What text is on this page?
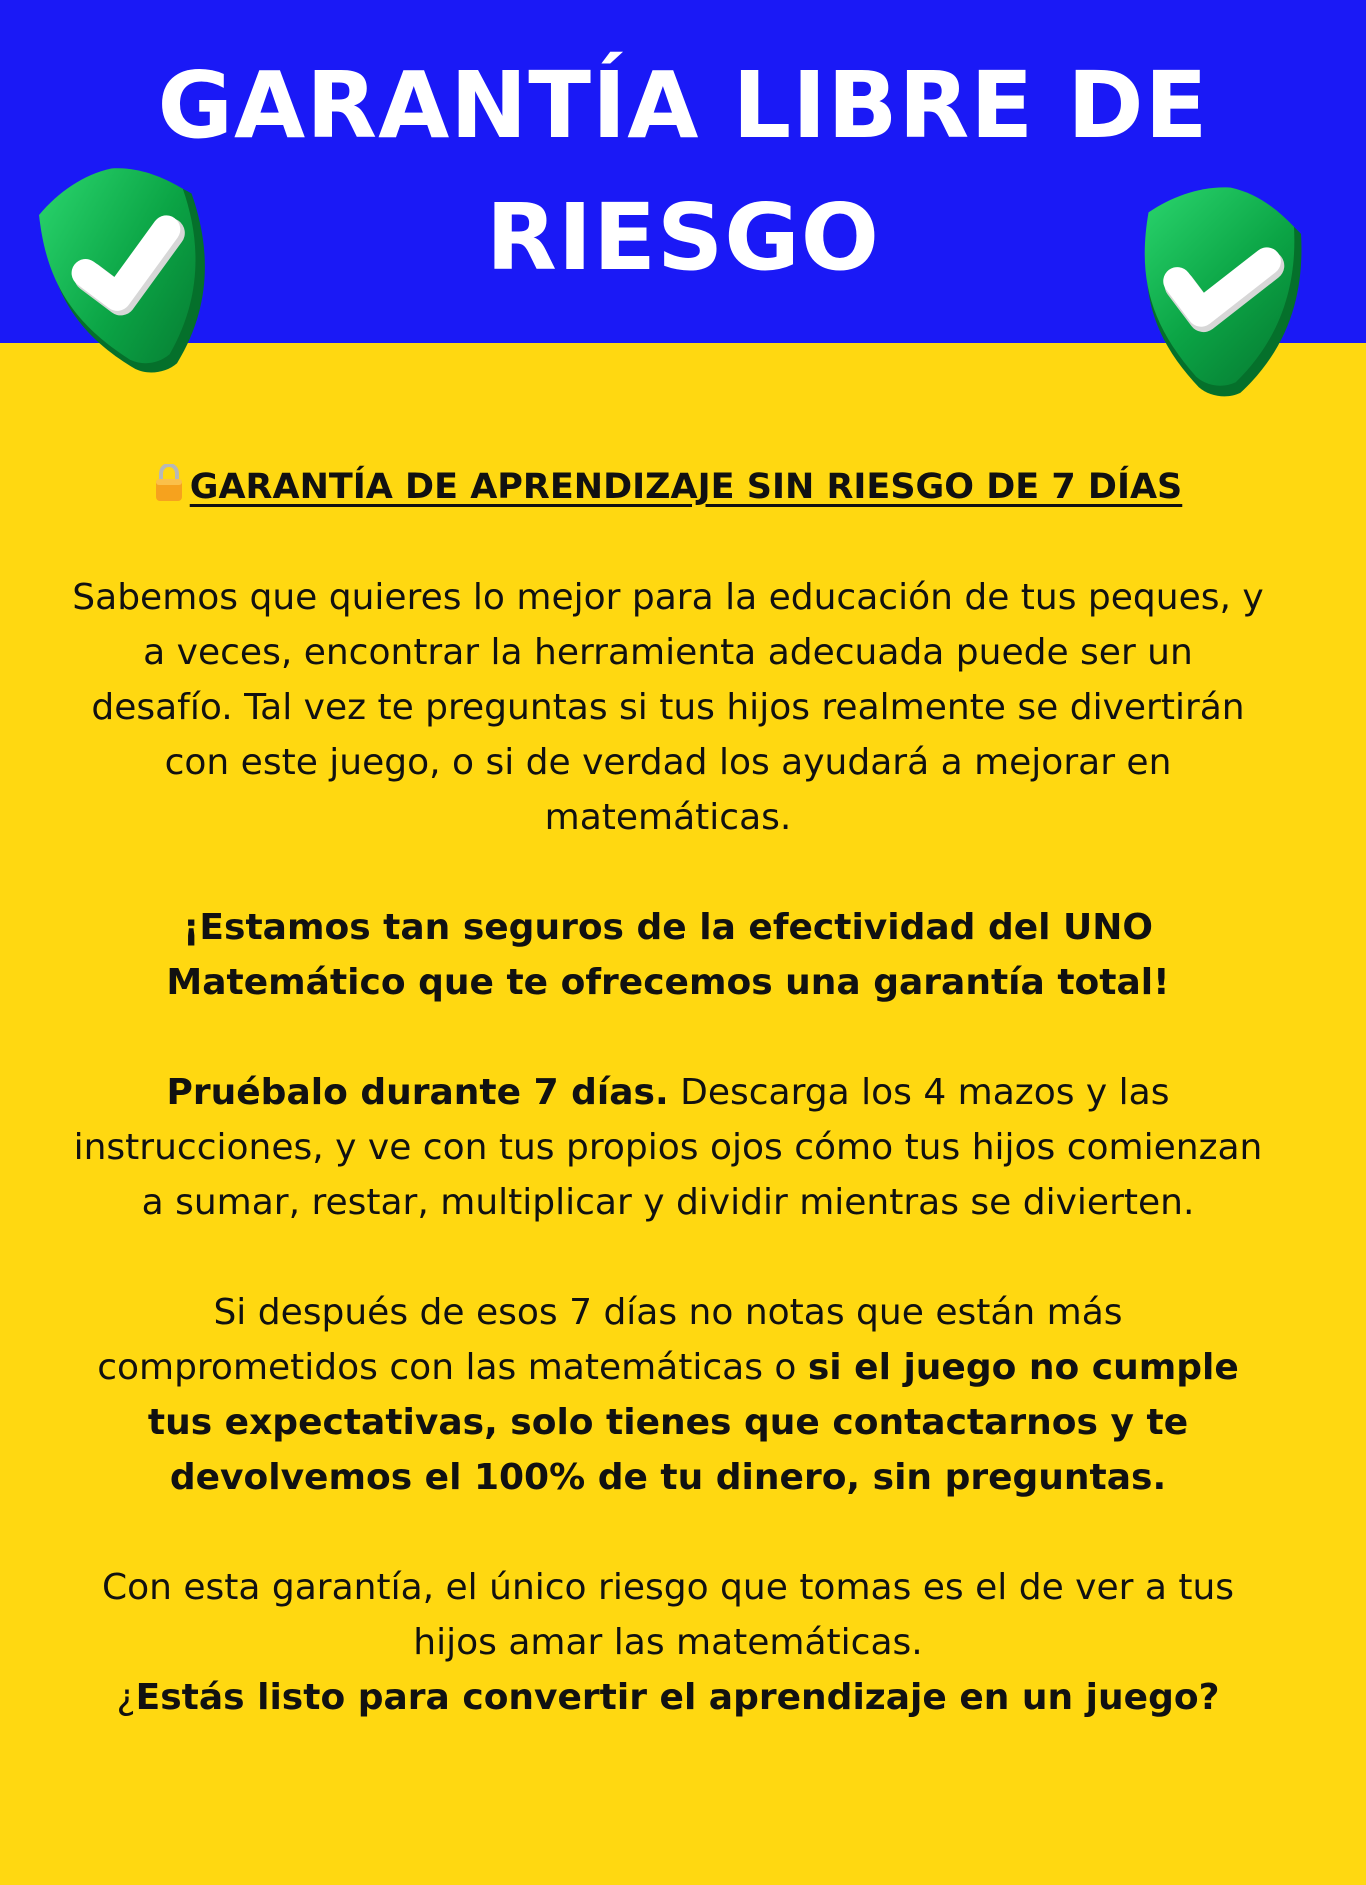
GARANTÍA LIBRE DE
RIESGO

GARANTÍA DE APRENDIZAJE SIN RIESGO DE 7 DÍAS

Sabemos que quieres lo mejor para la educación de tus peques, y a veces, encontrar la herramienta adecuada puede ser un desafío. Tal vez te preguntas si tus hijos realmente se divertirán con este juego, o si de verdad los ayudará a mejorar en matemáticas.

¡Estamos tan seguros de la efectividad del UNO Matemático que te ofrecemos una garantía total!

Pruébalo durante 7 días. Descarga los 4 mazos y las instrucciones, y ve con tus propios ojos cómo tus hijos comienzan a sumar, restar, multiplicar y dividir mientras se divierten.

Si después de esos 7 días no notas que están más comprometidos con las matemáticas o si el juego no cumple tus expectativas, solo tienes que contactarnos y te devolvemos el 100% de tu dinero, sin preguntas.

Con esta garantía, el único riesgo que tomas es el de ver a tus hijos amar las matemáticas.

¿Estás listo para convertir el aprendizaje en un juego?
